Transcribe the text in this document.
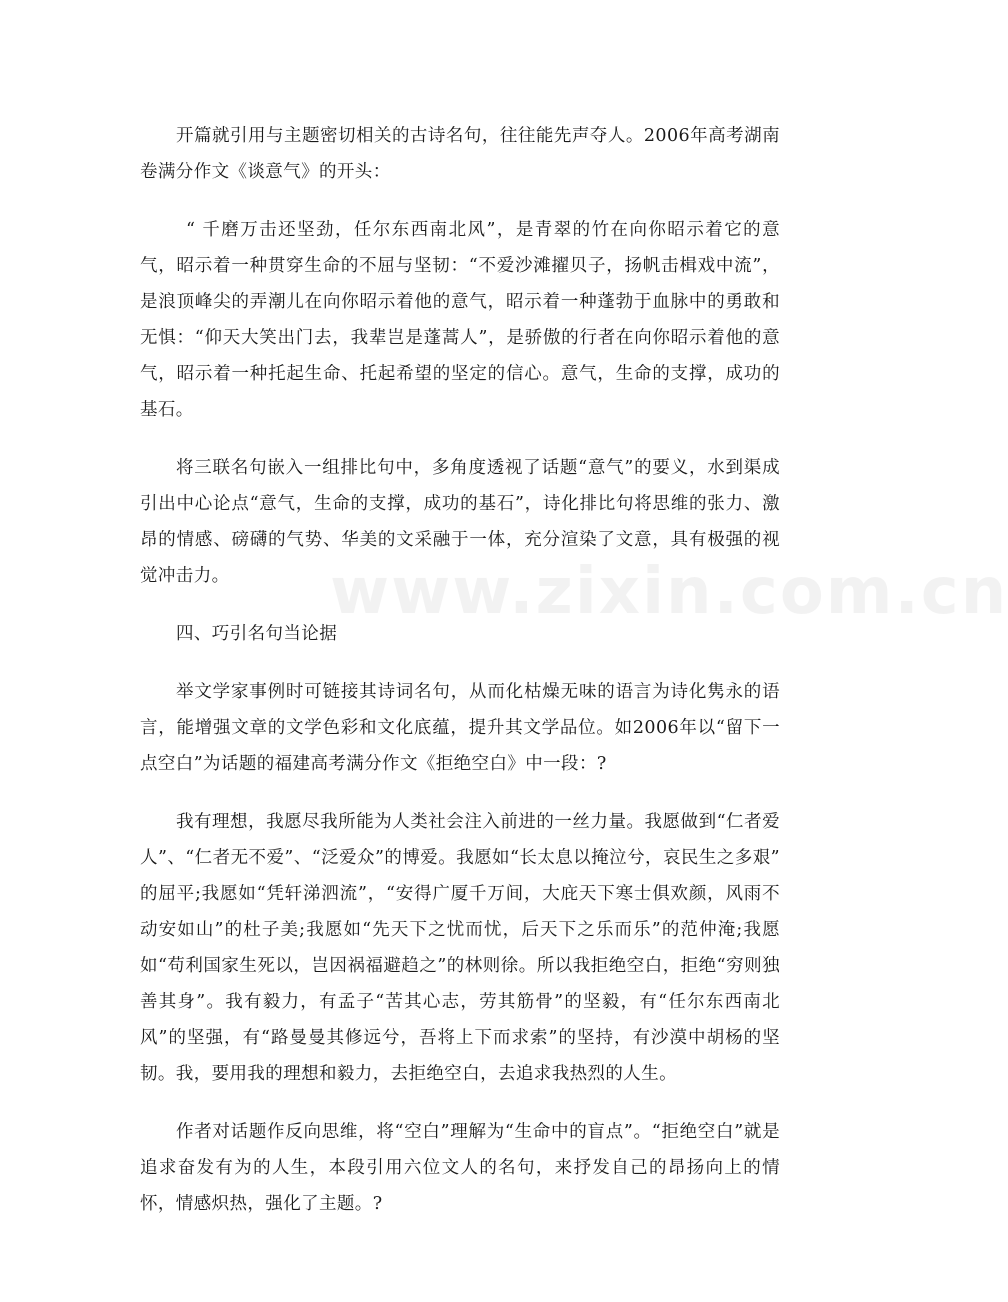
www.zixin.com.cn

开篇就引用与主题密切相关的古诗名句，往往能先声夺人。2006年高考湖南卷满分作文《谈意气》的开头：

“ 千磨万击还坚劲，任尔东西南北风”，是青翠的竹在向你昭示着它的意气，昭示着一种贯穿生命的不屈与坚韧：“不爱沙滩擢贝子，扬帆击楫戏中流”，是浪顶峰尖的弄潮儿在向你昭示着他的意气，昭示着一种蓬勃于血脉中的勇敢和无惧：“仰天大笑出门去，我辈岂是蓬蒿人”，是骄傲的行者在向你昭示着他的意气，昭示着一种托起生命、托起希望的坚定的信心。意气，生命的支撑，成功的基石。

将三联名句嵌入一组排比句中，多角度透视了话题“意气”的要义，水到渠成引出中心论点“意气，生命的支撑，成功的基石”，诗化排比句将思维的张力、激昂的情感、磅礴的气势、华美的文采融于一体，充分渲染了文意，具有极强的视觉冲击力。

四、巧引名句当论据

举文学家事例时可链接其诗词名句，从而化枯燥无味的语言为诗化隽永的语言，能增强文章的文学色彩和文化底蕴，提升其文学品位。如2006年以“留下一点空白”为话题的福建高考满分作文《拒绝空白》中一段：?

我有理想，我愿尽我所能为人类社会注入前进的一丝力量。我愿做到“仁者爱人”、“仁者无不爱”、“泛爱众”的博爱。我愿如“长太息以掩泣兮，哀民生之多艰” 的屈平;我愿如“凭轩涕泗流”，“安得广厦千万间，大庇天下寒士俱欢颜，风雨不动安如山”的杜子美;我愿如“先天下之忧而忧，后天下之乐而乐”的范仲淹;我愿如“苟利国家生死以，岂因祸福避趋之”的林则徐。所以我拒绝空白，拒绝“穷则独善其身”。我有毅力，有孟子“苦其心志，劳其筋骨”的坚毅，有“任尔东西南北风”的坚强，有“路曼曼其修远兮，吾将上下而求索”的坚持，有沙漠中胡杨的坚韧。我，要用我的理想和毅力，去拒绝空白，去追求我热烈的人生。

作者对话题作反向思维，将“空白”理解为“生命中的盲点”。“拒绝空白”就是追求奋发有为的人生，本段引用六位文人的名句，来抒发自己的昂扬向上的情怀，情感炽热，强化了主题。?
